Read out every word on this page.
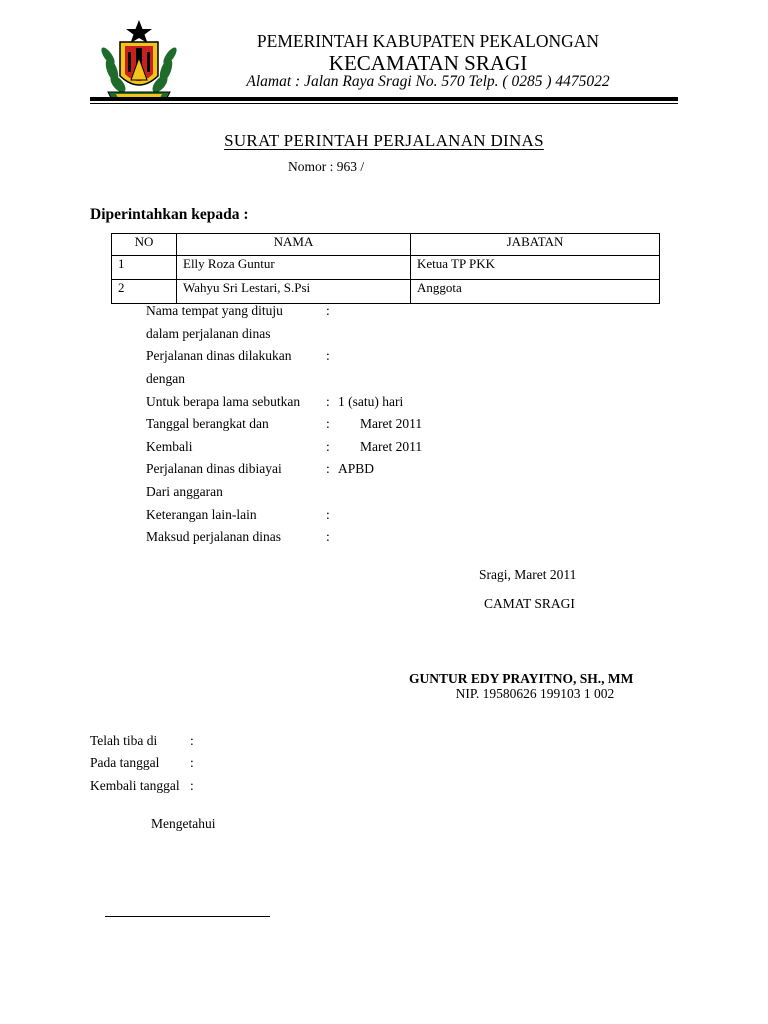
PEMERINTAH KABUPATEN PEKALONGAN
KECAMATAN SRAGI
Alamat : Jalan Raya Sragi No. 570 Telp. ( 0285 ) 4475022
SURAT PERINTAH PERJALANAN DINAS
Nomor : 963 /
Diperintahkan kepada :
NO	NAMA	JABATAN
1	Elly Roza Guntur	Ketua TP PKK
2	Wahyu Sri Lestari, S.Psi	Anggota
Nama tempat yang dituju	:
dalam perjalanan dinas
Perjalanan dinas dilakukan	:
dengan
Untuk berapa lama sebutkan : 1 (satu) hari
Tanggal berangkat dan	: Maret 2011
Kembali	: Maret 2011
Perjalanan dinas dibiayai	: APBD
Dari anggaran
Keterangan lain-lain	:
Maksud perjalanan dinas	:
Sragi, Maret 2011
CAMAT SRAGI
GUNTUR EDY PRAYITNO, SH., MM
NIP. 19580626 199103 1 002
Telah tiba di :
Pada tanggal :
Kembali tanggal :
Mengetahui
